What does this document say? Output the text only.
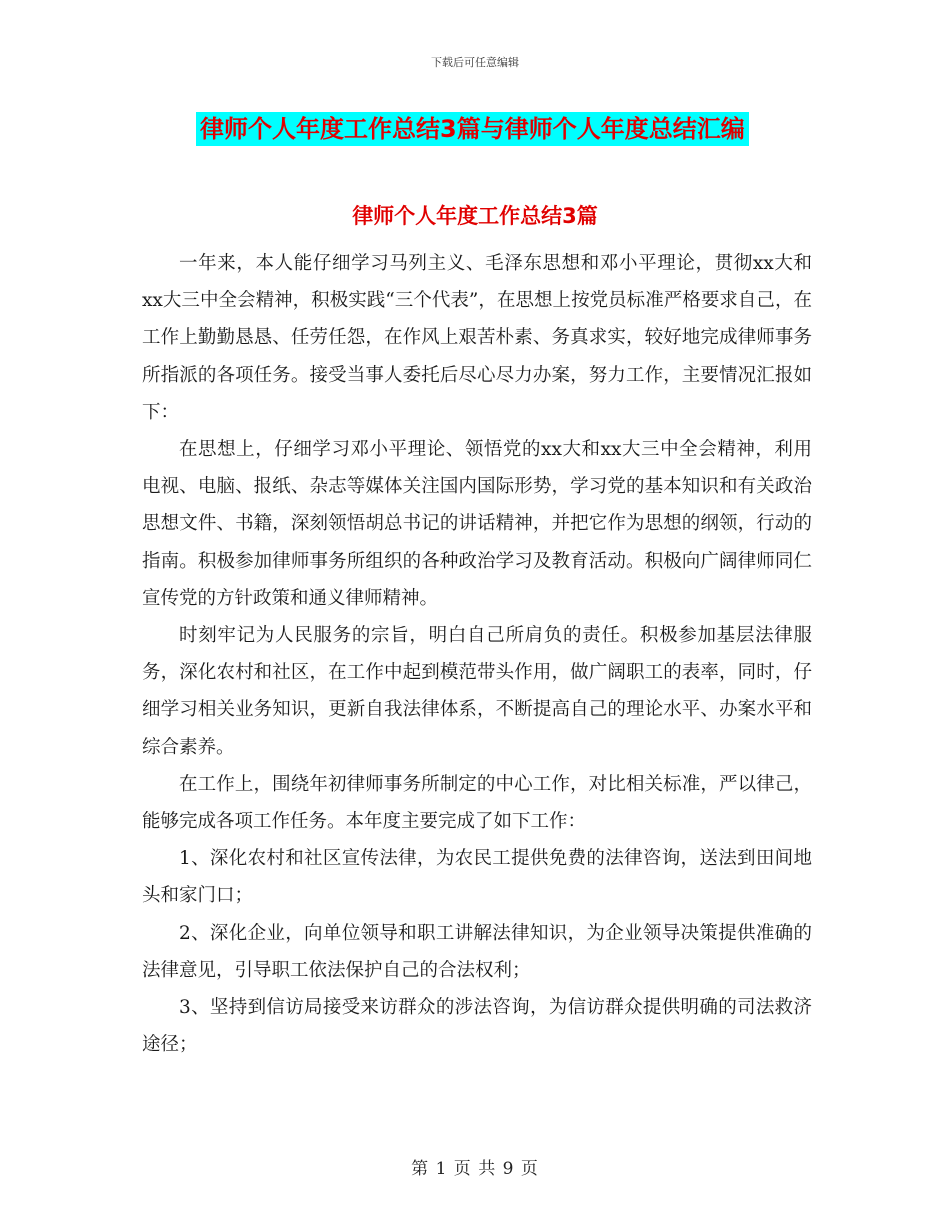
下载后可任意编辑
律师个人年度工作总结3篇与律师个人年度总结汇编
律师个人年度工作总结3篇

一年来，本人能仔细学习马列主义、毛泽东思想和邓小平理论，贯彻xx大和xx大三中全会精神，积极实践“三个代表”，在思想上按党员标准严格要求自己，在工作上勤勤恳恳、任劳任怨，在作风上艰苦朴素、务真求实，较好地完成律师事务所指派的各项任务。接受当事人委托后尽心尽力办案，努力工作，主要情况汇报如下：

在思想上，仔细学习邓小平理论、领悟党的xx大和xx大三中全会精神，利用电视、电脑、报纸、杂志等媒体关注国内国际形势，学习党的基本知识和有关政治思想文件、书籍，深刻领悟胡总书记的讲话精神，并把它作为思想的纲领，行动的指南。积极参加律师事务所组织的各种政治学习及教育活动。积极向广阔律师同仁宣传党的方针政策和通义律师精神。

时刻牢记为人民服务的宗旨，明白自己所肩负的责任。积极参加基层法律服务，深化农村和社区，在工作中起到模范带头作用，做广阔职工的表率，同时，仔细学习相关业务知识，更新自我法律体系，不断提高自己的理论水平、办案水平和综合素养。

在工作上，围绕年初律师事务所制定的中心工作，对比相关标准，严以律己，能够完成各项工作任务。本年度主要完成了如下工作：

1、深化农村和社区宣传法律，为农民工提供免费的法律咨询，送法到田间地头和家门口；

2、深化企业，向单位领导和职工讲解法律知识，为企业领导决策提供准确的法律意见，引导职工依法保护自己的合法权利；

3、坚持到信访局接受来访群众的涉法咨询，为信访群众提供明确的司法救济途径；

第 1 页 共 9 页
